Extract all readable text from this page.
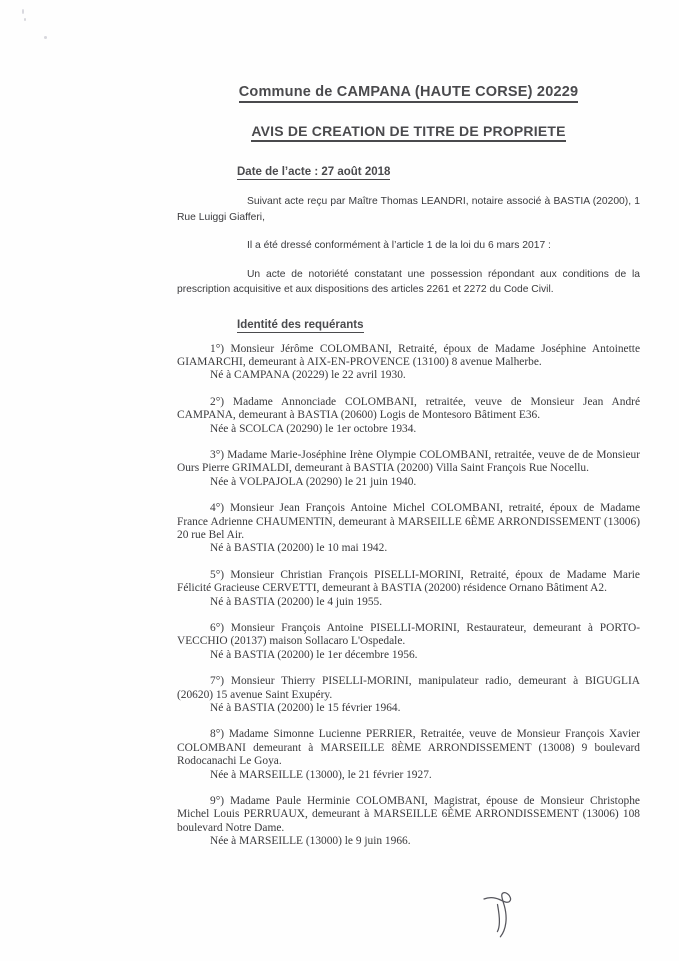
Commune de CAMPANA (HAUTE CORSE) 20229
AVIS DE CREATION DE TITRE DE PROPRIETE
Date de l’acte : 27 août 2018

Suivant acte reçu par Maître Thomas LEANDRI, notaire associé à BASTIA (20200), 1 Rue Luiggi Giafferi,

Il a été dressé conformément à l’article 1 de la loi du 6 mars 2017 :

Un acte de notoriété constatant une possession répondant aux conditions de la prescription acquisitive et aux dispositions des articles 2261 et 2272 du Code Civil.

Identité des requérants

1°) Monsieur Jérôme COLOMBANI, Retraité, époux de Madame Joséphine Antoinette GIAMARCHI, demeurant à AIX-EN-PROVENCE (13100) 8 avenue Malherbe.

Né à CAMPANA (20229) le 22 avril 1930.

2°) Madame Annonciade COLOMBANI, retraitée, veuve de Monsieur Jean André CAMPANA, demeurant à BASTIA (20600) Logis de Montesoro Bâtiment E36.

Née à SCOLCA (20290) le 1er octobre 1934.

3°) Madame Marie-Joséphine Irène Olympie COLOMBANI, retraitée, veuve de de Monsieur Ours Pierre GRIMALDI, demeurant à BASTIA (20200) Villa Saint François Rue Nocellu.

Née à VOLPAJOLA (20290) le 21 juin 1940.

4°) Monsieur Jean François Antoine Michel COLOMBANI, retraité, époux de Madame France Adrienne CHAUMENTIN, demeurant à MARSEILLE 6ÈME ARRONDISSEMENT (13006) 20 rue Bel Air.

Né à BASTIA (20200) le 10 mai 1942.

5°) Monsieur Christian François PISELLI-MORINI, Retraité, époux de Madame Marie Félicité Gracieuse CERVETTI, demeurant à BASTIA (20200) résidence Ornano Bâtiment A2.

Né à BASTIA (20200) le 4 juin 1955.

6°) Monsieur François Antoine PISELLI-MORINI, Restaurateur, demeurant à PORTO-VECCHIO (20137) maison Sollacaro L'Ospedale.

Né à BASTIA (20200) le 1er décembre 1956.

7°) Monsieur Thierry PISELLI-MORINI, manipulateur radio, demeurant à BIGUGLIA (20620) 15 avenue Saint Exupéry.

Né à BASTIA (20200) le 15 février 1964.

8°) Madame Simonne Lucienne PERRIER, Retraitée, veuve de Monsieur François Xavier COLOMBANI demeurant à MARSEILLE 8ÈME ARRONDISSEMENT (13008) 9 boulevard Rodocanachi Le Goya.

Née à MARSEILLE (13000), le 21 février 1927.

9°) Madame Paule Herminie COLOMBANI, Magistrat, épouse de Monsieur Christophe Michel Louis PERRUAUX, demeurant à MARSEILLE 6ÈME ARRONDISSEMENT (13006) 108 boulevard Notre Dame.

Née à MARSEILLE (13000) le 9 juin 1966.
